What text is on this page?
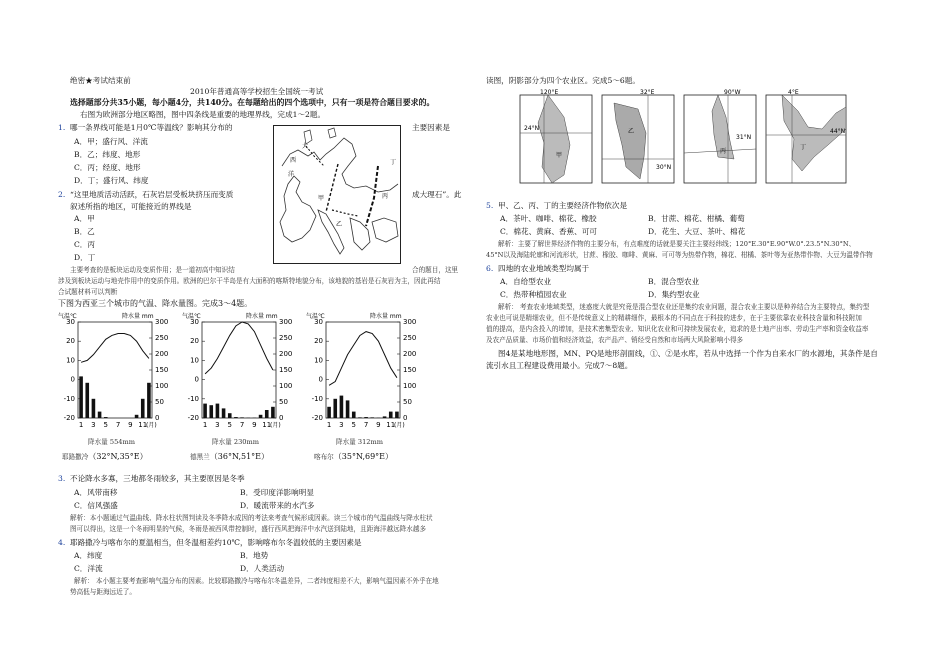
绝密★考试结束前
2010年普通高等学校招生全国统一考试
选择题部分共35小题，每小题4分，共140分。在每题给出的四个选项中，只有一项是符合题目要求的。
右图为欧洲部分地区略图，图中四条线是重要的地理界线，完成1～2题。
1. 哪一条界线可能是1月0℃等温线？影响其分布的	主要因素是
A．甲；盛行风、洋流
B．乙；纬度、地形
C．丙；经度、地形
D．丁；盛行风、纬度
大
西
洋
甲
乙
丙
丁
2. “这里地质活动活跃，石灰岩层受板块挤压而变质	成大理石”。此
叙述所指的地区，可能接近的界线是
A．甲
B．乙
C．丙
D．丁
主要考查的是板块运动及变质作用；是一道初高中知识结	合的题目，这里
涉及到板块运动与地壳作用中的变质作用。欧洲的巴尔干半岛是有大面积的喀斯特地貌分布，该地貌的基岩是石灰岩为主，因此再结
合试题材料可以判断
下图为西亚三个城市的气温、降水量图。完成3～4题。
气温℃	降水量 mm
30
20
10
0
-10
-20
300
250
200
150
100
50
0
1 3 5 7 9 11
(月)
气温℃	降水量 mm
30
20
10
0
-10
-20
300
250
200
150
100
50
0
1 3 5 7 9 11
(月)
气温℃	降水量 mm
30
20
10
0
-10
-20
300
250
200
150
100
50
0
1 3 5 7 9 11
(月)
降水量 554mm
耶路撒冷（32°N,35°E）
降水量 230mm
德黑兰（36°N,51°E）
降水量 312mm
喀布尔（35°N,69°E）
3. 不论降水多寡，三地都冬雨较多，其主要原因是冬季
A．风带南移	B．受印度洋影响明显
C．信风强盛	D．暖流带来的水汽多
解析：本小题通过气温曲线、降水柱状图判读及冬季降水成因的考法来考查气候形成因素。读三个城市的气温曲线与降水柱状
图可以得出，这是一个冬雨明显的气候，冬雨是被西风带控制时，盛行西风把海洋中水汽送到陆地，且距海洋越远降水越多
4. 耶路撒冷与喀布尔的夏温相当，但冬温相差约10℃，影响喀布尔冬温较低的主要因素是
A．纬度	B．地势
C．洋流	D．人类活动
解析： 本小题主要考查影响气温分布的因素。比较耶路撒冷与喀布尔冬温差异，二者纬度相差不大，影响气温因素不外乎在地
势高低与距海远近了。
读图，阴影部分为四个农业区。完成5～6题。
120°E
24°N
甲
32°E
30°N
乙
90°W
31°N
丙
4°E
44°N
丁
5. 甲、乙、丙、丁的主要经济作物依次是
A．茶叶、咖啡、棉花、橡胶	B．甘蔗、棉花、柑橘、葡萄
C．棉花、黄麻、香蕉、可可	D．花生、大豆、茶叶、棉花
解析：主要了解世界经济作物的主要分布，有点难度的话就是要关注主要经纬线；120°E.30°E.90°W.0°.23.5°N.30°N、
45°N以及海陆轮廓和河流形状，甘蔗、橡胶、咖啡、黄麻、可可等为热带作物，棉花、柑橘、茶叶等为亚热带作物、大豆为温带作物
6. 四地的农业地域类型均属于
A．自给型农业	B．混合型农业
C．热带种植园农业	D．集约型农业
解析： 考查农业地域类型，迷惑度大就是究竟是混合型农业还是集约农业问题，混合农业主要以是种养结合为主要特点，集约型
农业也可说是精细农业，但不是传统意义上的精耕细作，最根本的不同点在于科技的进步，在于主要依靠农业科技含量和科技附加
值的提高，是内含投入的增加，是技术密集型农业、知识化农业和可持续发展农业，追求的是土地产出率、劳动生产率和资金收益率
及农产品质量、市场价值和经济效益，农产品产、销经受自然和市场两大风险影响小得多
图4是某地地形图，MN、PQ是地形剖面线，①、②是水库，若从中选择一个作为自来水厂的水源地，其条件是自
流引水且工程建设费用最小。完成7～8题。
